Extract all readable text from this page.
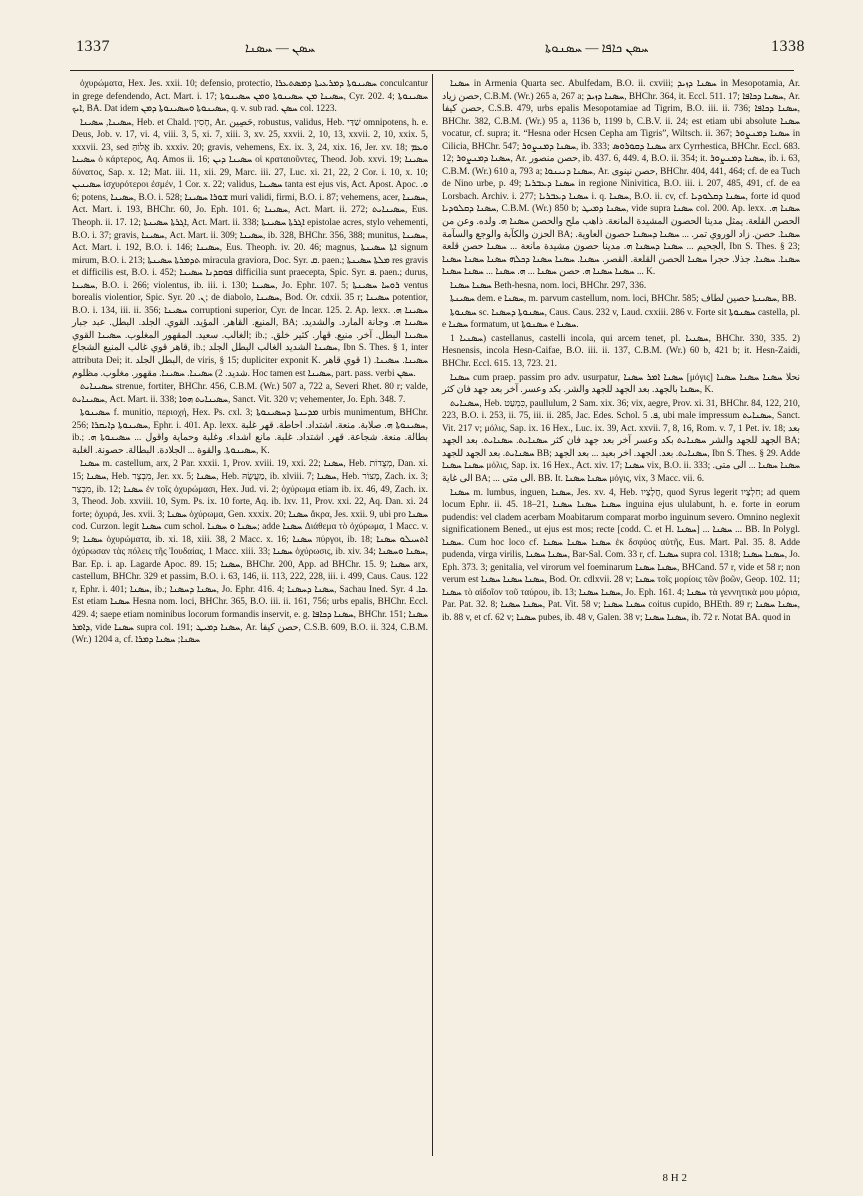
1337	ܚܣܢ — ܚܣܢܐ	ܚܣܢ ܟܐܦܐ — ܚܣܢܘܬܐ	1338

ὀχυρώματα, Hex. Jes. xxii. 10; defensio, protectio, ܚܣܝܢܘܬܐ ܕܡܪܥܝܬܐ ܕܡܣܬܥܪܐ conculcantur in grege defendendo, Act. Mart. i. 17; ܚܣܝܢܐ ܡܢ ܚܣܝܢܘܬܐ ܘܡܢ ܚܣܝܢܘܬܐ, Cyr. 202. 4; ܚܣܝܢܘܬܐ ܐܝܟ, BA. Dat idem ܚܣܝܢܘܬܐ ܘܚܣܝܢܘܬܐ ܕܡܢ, q. v. sub rad. ܚܣܢ col. 1223.

ܚܣܝܢܐ, ܚܣܝܢܐ, Heb. et Chald. חָסִין, Ar. حَصِين, robustus, validus, Heb. שַׁדַּי omnipotens, h. e. Deus, Job. v. 17, vi. 4, viii. 3, 5, xi. 7, xiii. 3, xv. 25, xxvii. 2, 10, 13, xxvii. 2, 10, xxix. 5, xxxvii. 23, sed אֱלוֹהַּ ib. xxxiv. 20; gravis, vehemens, Ex. ix. 3, 24, xix. 16, Jer. xv. 18; ܘܥܡ ܚܣܝܢܐ ὁ κάρτερος, Aq. Amos ii. 16; ܚܣܝܢܐ ܕܝܢ οἱ κραταιοῦντες, Theod. Job. xxvi. 19; ܚܣܝܢܐ δύνατος, Sap. x. 12; Mat. iii. 11, xii. 29, Marc. iii. 27, Luc. xi. 21, 22, 2 Cor. i. 10, x. 10; ܚܣܝܢܝܢ ἰσχυρότεροι ἐσμέν, 1 Cor. x. 22; validus, ܚܣܝܢܐ tanta est ejus vis, Act. Apost. Apoc. ܘ. 6; potens, ܚܣܝܢܐ, B.O. i. 528; ܫܘܪܐ ܚܣܝܢܐ muri validi, firmi, B.O. i. 87; vehemens, acer, ܚܣܝܢܐ, Act. Mart. i. 193, BHChr. 60, Jo. Eph. 101. 6; ܚܣܝܢܐ, Act. Mart. ii. 272; ܚܣܝܢܐܝܬ, Eus. Theoph. ii. 17. 12; ܐܓܪܬܐ ܚܣܝܢܬܐ, Act. Mart. ii. 338; ܐܓܪܬܐ ܚܣܝܢܬܐ epistolae acres, stylo vehementi, B.O. i. 37; gravis, ܚܣܝܢܐ, Act. Mart. ii. 309; ܚܣܝܢܐ, ib. 328, BHChr. 356, 388; munitus, ܚܣܝܢܐ, Act. Mart. i. 192, B.O. i. 146; ܚܣܝܢܐ, Eus. Theoph. iv. 20. 46; magnus, ܐܬܐ ܚܣܝܢܬܐ signum mirum, B.O. i. 213; ܬܕܡܪܬܐ ܚܣܝܢܬܐ miracula graviora, Doc. Syr. ܩ. paen.; ܡܠܬܐ ܚܣܝܢܬܐ res gravis et difficilis est, B.O. i. 452; ܦܘܩܕܢܐ ܚܣܝܢܐ difficilia sunt praecepta, Spic. Syr. ܦ. paen.; durus, ܚܣܝܢܐ, B.O. i. 266; violentus, ib. iii. i. 130; ܚܣܝܢܐ, Jo. Ephr. 107. 5; ܪܘܚܐ ܚܣܝܢܬܐ ventus borealis violentior, Spic. Syr. ܢ. 20; de diabolo, ܚܣܝܢܐ, Bod. Or. cdxii. 35 r; ܚܣܝܢܐ potentior, B.O. i. 134, iii. ii. 356; ܚܣܝܢܐ corruptioni superior, Cyr. de Incar. 125. 2. Ap. lexx. ܚܣܝܢܐ ܗ. المنيع. القاهر. المؤيد. القوي. الجلد. البطل. عبد جبار, BA; ܚܣܝܢܐ ܗ. وجانة المارد. والشديد. الغالب. سعيد. المقهور المغلوب. ܚܣܝܢܐ القوي; ib.; ܚܣܝܢܐ البطل. آخر. منيع. قهار. كثير خلق. قاهر قوي غالب المنيع الشجاع, ib.; ܚܣܝܢܐ الشديد الغالب البطل الجلد, Ibn S. Thes. § 1, inter attributa Dei; it. البطل الجلد, de viris, § 15; dupliciter exponit K. ܚܣܝܢܐ. ܚܣܝܢܐ. (1 قوي قاهر شديد. 2) ܚܣܝܢܐ. ܚܣܝܢܐ. مقهور. مغلوب. مظلوم. Hoc tamen est ܚܣܝܢܐ, part. pass. verbi ܚܣܢ.

ܚܣܝܢܐܝܬ strenue, fortiter, BHChr. 456, C.B.M. (Wr.) 507 a, 722 a, Severi Rhet. 80 r; valde, ܚܣܝܢܐܝܬ, Act. Mart. ii. 338; ܚܣܝܢܐܝܬ ܗܘܐ, Sanct. Vit. 320 v; vehementer, Jo. Eph. 348. 7.

ܚܣܝܢܘܬܐ f. munitio, περιοχή, Hex. Ps. cxl. 3; ܡܕܝܢܬܐ ܕܚܣܝܢܘܬܐ urbis munimentum, BHChr. 256; ܚܣܝܢܘܬܐ ܕܐܝܩܪܐ, Ephr. i. 401. Ap. lexx. ܚܣܝܢܘܬܐ ܗ. صلابة. منعة. اشتداد. احاطة. قهر غلبة, ib.; بطالة. منعة. شجاعة. قهر. اشتداد. غلبة. مانع اشداء. وغلبة وحماية واقول ... ܚܣܝܢܘܬܐ ܗ. ܚܣܝܢܘܬܐ. والقوة ... الجلادة. البطالة. حصونة. الغلبة, K.

ܚܣܢܐ m. castellum, arx, 2 Par. xxxii. 1, Prov. xviii. 19, xxi. 22; ܚܣܢܐ, Heb. מְצֻדוֹת, Dan. xi. 15; ܚܣܢܐ, Heb. מִבְצָר, Jer. xx. 5; ܚܣܢܐ, Heb. מַעֲשֻׂהּ, ib. xlviii. 7; ܚܣܢܐ, Heb. מָצוֹר, Zach. ix. 3; מִבְצַר, ib. 12; ܚܣܢܐ ἐν τοῖς ὀχυρώμασι, Hex. Jud. vi. 2; ὀχύρωμα etiam ib. ix. 46, 49, Zach. ix. 3, Theod. Job. xxviii. 10, Sym. Ps. ix. 10 forte, Aq. ib. lxv. 11, Prov. xxi. 22, Aq. Dan. xi. 24 forte; ὀχυρά, Jes. xvii. 3; ܚܣܢܐ ὀχύρωμα, Gen. xxxix. 20; ܚܣܢܐ ἄκρα, Jes. xxii. 9, ubi pro ܚܣܢܐ cod. Curzon. legit ܚܣܢܐ cum schol. ܚܣܢܐ ܘ ܚܣܢܐ; adde ܚܣܢܐ Διάθεμα τὸ ὀχύρωμα, 1 Macc. v. 9; ܚܣܢܐ ὀχυρώματα, ib. xi. 18, xiii. 38, 2 Macc. x. 16; ܚܣܢܐ πύργοι, ib. 18; ܐܬܚܝܠܘ ܚܣܢܐ ὀχύρωσαν τὰς πόλεις τῆς Ἰουδαίας, 1 Macc. xiii. 33; ܚܣܢܐ ὀχύρωσις, ib. xiv. 34; ܚܣܢܐ ܘܚܣܢܐ, Bar. Ep. i. ap. Lagarde Apoc. 89. 15; ܚܣܢܐ, BHChr. 200, App. ad BHChr. 15. 9; ܚܣܢܐ arx, castellum, BHChr. 329 et passim, B.O. i. 63, 146, ii. 113, 222, 228, iii. i. 499, Caus. Caus. 122 r, Ephr. i. 401; ܚܣܢܐ, ib.; ܚܣܢܐ ܕܚܣܢܐ, Jo. Ephr. 416. 4; ܚܣܢܐ ܕܚܣܢܐ, Sachau Ined. Syr. ܟܐ. 4. Est etiam ܚܣܢܐ Hesna nom. loci, BHChr. 365, B.O. iii. ii. 161, 756; urbs epalis, BHChr. Eccl. 429. 4; saepe etiam nominibus locorum formandis inservit, e. g. ܚܣܢܐ ܕܟܐܦܐ, BHChr. 151; ܚܣܢܐ ܕܐܡܪ, vide ܚܣܢܐ supra col. 191; ܚܣܢܐ ܕܡܝܛ, Ar. حصن كيفا, C.S.B. 609, B.O. ii. 324, C.B.M. (Wr.) 1204 a, cf. ܚܣܢܐ; ܚܣܢܐ ܕܡܪܐ

ܚܣܢܐ in Armenia Quarta sec. Abulfedam, B.O. ii. cxviii; ܚܣܢܐ ܕܙܝܕ in Mesopotamia, Ar. حصن زياد, C.B.M. (Wr.) 265 a, 267 a; ܚܣܢܐ ܕܙܝܕ, BHChr. 364, it. Eccl. 511. 17; ܚܣܢܐ ܕܟܐܦܐ, Ar. حصن كيفا, C.S.B. 479, urbs epalis Mesopotamiae ad Tigrim, B.O. iii. ii. 736; ܚܣܢܐ ܕܟܐܦܐ, BHChr. 382, C.B.M. (Wr.) 95 a, 1136 b, 1199 b, C.B.V. ii. 24; est etiam ubi absolute ܚܣܢܐ vocatur, cf. supra; it. “Hesna oder Hcsen Cepha am Tigris”, Wiltsch. ii. 367; ܚܣܢܐ ܕܡܢܨܘܪ in Cilicia, BHChr. 547; ܚܣܢܐ ܕܡܢܨܘܪ, ib. 333; ܚܣܢܐ ܕܩܘܪܘܣ arx Cyrrhestica, BHChr. Eccl. 683. 12; ܚܣܢܐ ܕܡܢܨܘܪ, Ar. حصن منصور, ib. 437. 6, 449. 4, B.O. ii. 354; it. ܚܣܢܐ ܕܡܢܨܘܪ, ib. i. 63, C.B.M. (Wr.) 610 a, 793 a; ܚܣܢܐ ܕܢܝܢܘܐ, Ar. حصن نينوى, BHChr. 404, 441, 464; cf. de ea Tuch de Nino urbe, p. 49; ܚܣܢܐ ܕܥܒܪܝܐ in regione Ninivitica, B.O. iii. i. 207, 485, 491, cf. de ea Lorsbach. Archiv. i. 277; ܚܣܢܐ ܕܥܒܪܝܐ i. q. ܚܣܢܐ, B.O. ii. cv, cf. ܚܣܢܐ ܕܩܠܘܕܝܐ, forte id quod ܚܣܢܐ ܕܩܠܘܕܝܐ, C.B.M. (Wr.) 850 b; ܚܣܢܐ ܕܡܝܛ, vide supra ܚܣܢܐ col. 200. Ap. lexx. ܚܣܢܐ ܗ. الحصن القلعة. يمثل مدينا الحصون المشيدة المانعة. ذاهب ملح والحصن ܚܣܢܐ ܗ. ولده. وعن من الحزن والكآبة والوجع والسآمة BA; ܚܣܢܐ. حصن. زاد الوروي تمر. ... ܚܣܢܐ ܕܚܣܢܐ حصون العاوية. الجحيم ... ܚܣܢܐ ܕܚܣܢܐ ܗ. مدينا حصون مشيدة مانعة ... ܚܣܢܐ حصن قلعة, Ibn S. Thes. § 23; ܚܣܢܐ. ܚܣܢܐ. جذلا. حجرا ܚܣܢܐ الحصن القلعة. القصر. ܚܣܢܐ. ܚܣܢܐ ܚܣܢܐ ܕܟܠܗ ܚܣܢܐ ܚܣܢܐ ܚܣܢܐ ܚܣܢܐ ܚܣܢܐ ܗ. حصن ܚܣܢܐ ... ܗ. ܚܣܢܐ ... ܚܣܢܐ ܚܣܢܐ ... K.

ܚܣܢܐ ܚܣܢܐ Beth-hesna, nom. loci, BHChr. 297, 336.

ܚܣܝܢܬܐ dem. e ܚܣܢܐ, m. parvum castellum, nom. loci, BHChr. 585; ܚܣܝܢܬܐ حصين لطاف, BB.

ܚܣܢܘܬܐ sc. ܚܣܢܘܬܐ ܕܚܣܢܐ, Caus. Caus. 232 v, Laud. cxxiii. 286 v. Forte sit ܚܣܢܘܬܐ castella, pl. e ܚܣܢܐ formatum, ut ܚܣܢܘܬܐ e ܚܣܢܐ.

ܚܣܢܝܐ 1) castellanus, castelli incola, qui arcem tenet, pl. ܚܣܢܝܐ, BHChr. 330, 335. 2) Hesnensis, incola Hesn-Caifae, B.O. iii. ii. 137, C.B.M. (Wr.) 60 b, 421 b; it. Hesn-Zaidi, BHChr. Eccl. 615. 13, 723. 21.

ܚܣܢܐ cum praep. passim pro adv. usurpatur, ܚܣܢܐ ܐܡܪ ܚܣܢܐ [μόγις] نحلا ܚܣܢܐ ܚܣܢܐ ܚܣܢܐ ܚܣܢܐ بالجهد. بعد الجهد للجهد والشر. بكد وعسر. آخر بعد جهد فان كثر, K.

ܚܣܢܐܝܬ, Heb. כִּמְעַט, paullulum, 2 Sam. xix. 36; vix, aegre, Prov. xi. 31, BHChr. 84, 122, 210, 223, B.O. i. 253, ii. 75, iii. ii. 285, Jac. Edes. Schol. ܦ. 5, ubi male impressum ܚܣܢܐܝܬ, Sanct. Vit. 217 v; μόλις, Sap. ix. 16 Hex., Luc. ix. 39, Act. xxvii. 7, 8, 16, Rom. v. 7, 1 Pet. iv. 18; بعد الجهد للجهد والشر ܚܣܢܐܝܬ بكد وعسر آخر بعد جهد فان كثر ܚܣܢܐܝܬ. ܚܣܢܐܝܬ. بعد الجهد BA; ܚܣܢܐܝܬ. بعد الجهد للجهد BB; ܚܣܢܐܝܬ. بعد. الجهد. اخر بعيد ... بعد الجهد, Ibn S. Thes. § 29. Adde ܚܣܢܐ ܚܣܢܐ μόλις, Sap. ix. 16 Hex., Act. xiv. 17; ܚܣܢܐ vix, B.O. ii. 333; ܚܣܢܐ ܚܣܢܐ ... الى متى. الى غاية BA; ... الى متى. BB. It. ܚܣܢܐ ܚܣܢܐ μόγις, vix, 3 Macc. vii. 6.

ܚܣܢܐ m. lumbus, inguen, ܚܣܢܐ, Jes. xv. 4, Heb. חֲלָצָיו, quod Syrus legerit חִלְצָיו; ad quem locum Ephr. ii. 45. 18–21, ܚܣܢܐ ܚܣܢܐ ܚܣܢܐ inguina ejus ululabunt, h. e. forte in eorum pudendis: vel cladem acerbam Moabitarum comparat morbo inguinum severo. Omnino neglexit significationem Bened., ut ejus est mos; recte [codd. C. et H. ܚܣܢܐ] ... ܚܣܢܐ ... BB. In Polygl. ܚܣܢܐ. Cum hoc loco cf. ܚܣܢܐ ܚܣܢܐ ܚܣܢܐ ἐκ δσφύος αὐτῆς, Eus. Mart. Pal. 35. 8. Adde pudenda, virga virilis, ܚܣܢܐ ܚܣܢܐ, Bar-Sal. Com. 33 r, cf. ܚܣܢܐ supra col. 1318; ܚܣܢܐ ܚܣܢܐ, Jo. Eph. 373. 3; genitalia, vel virorum vel foeminarum ܚܣܢܐ ܚܣܢܐ, BHCand. 57 r, vide et 58 r; non verum est ܚܣܢܐ ܚܣܢܐ ܚܣܢܐ, Bod. Or. cdlxvii. 28 v; ܚܣܢܐ τοῖς μορίοις τῶν βοῶν, Geop. 102. 11; ܚܣܢܐ τὸ αἰδοῖον τοῦ ταύρου, ib. 13; ܚܣܢܐ ܚܣܢܐ, Jo. Eph. 161. 4; ܚܣܢܐ τὰ γεννητικὰ μου μόρια, Par. Pat. 32. 8; ܚܣܢܐ ܚܣܢܐ, Pat. Vit. 58 v; ܚܣܢܐ ܚܣܢܐ coitus cupido, BHEth. 89 r; ܚܣܢܐ ܚܣܢܐ, ib. 88 v, et cf. 62 v; ܚܣܢܐ pubes, ib. 48 v, Galen. 38 v; ܚܣܢܐ ܚܣܢܐ, ib. 72 r. Notat BA. quod in

8 H 2
